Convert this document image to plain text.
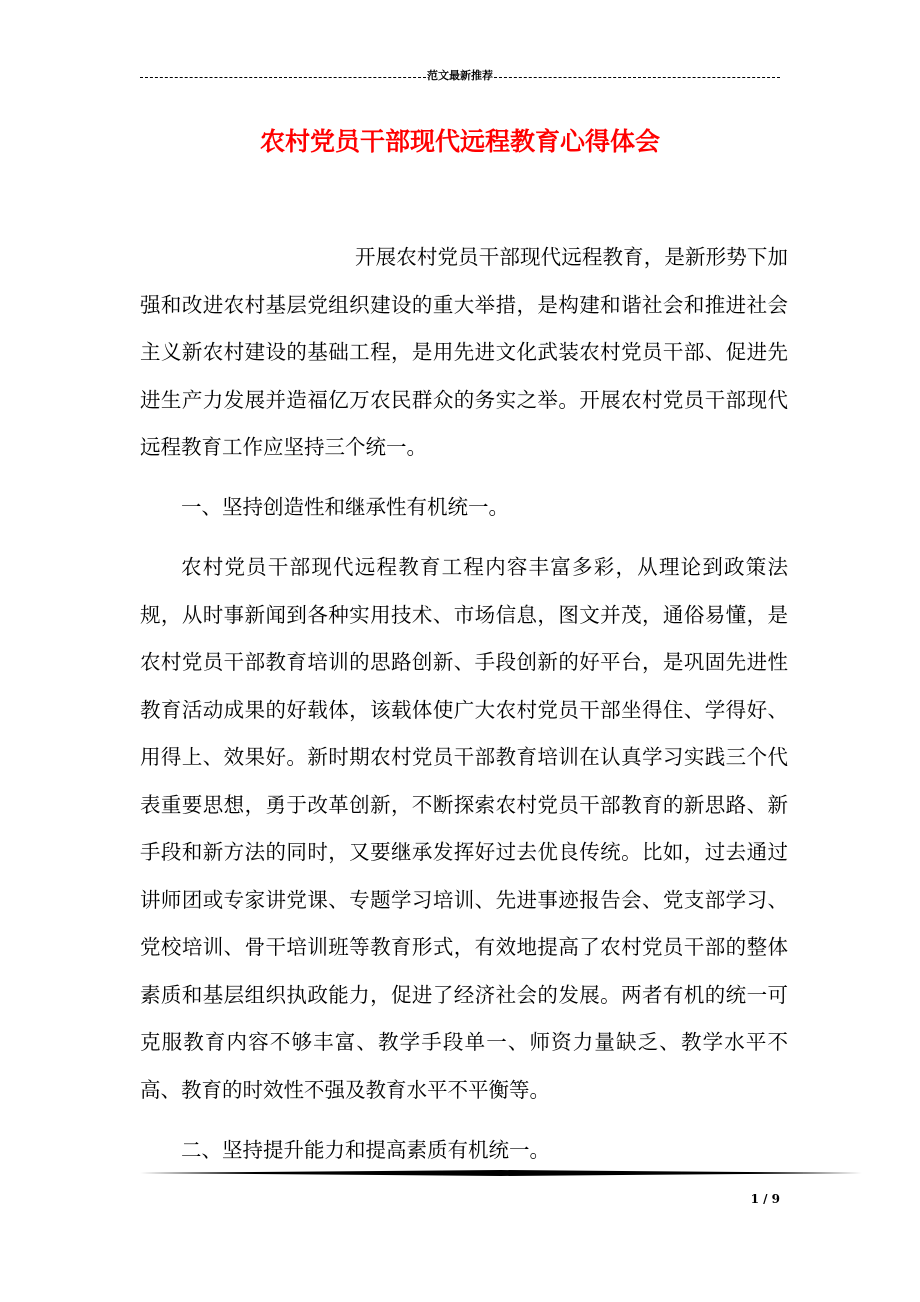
范文最新推荐
农村党员干部现代远程教育心得体会

开展农村党员干部现代远程教育，是新形势下加强和改进农村基层党组织建设的重大举措，是构建和谐社会和推进社会主义新农村建设的基础工程，是用先进文化武装农村党员干部、促进先进生产力发展并造福亿万农民群众的务实之举。开展农村党员干部现代远程教育工作应坚持三个统一。

一、坚持创造性和继承性有机统一。

农村党员干部现代远程教育工程内容丰富多彩，从理论到政策法规，从时事新闻到各种实用技术、市场信息，图文并茂，通俗易懂，是农村党员干部教育培训的思路创新、手段创新的好平台，是巩固先进性教育活动成果的好载体，该载体使广大农村党员干部坐得住、学得好、用得上、效果好。新时期农村党员干部教育培训在认真学习实践三个代表重要思想，勇于改革创新，不断探索农村党员干部教育的新思路、新手段和新方法的同时，又要继承发挥好过去优良传统。比如，过去通过讲师团或专家讲党课、专题学习培训、先进事迹报告会、党支部学习、党校培训、骨干培训班等教育形式，有效地提高了农村党员干部的整体素质和基层组织执政能力，促进了经济社会的发展。两者有机的统一可克服教育内容不够丰富、教学手段单一、师资力量缺乏、教学水平不高、教育的时效性不强及教育水平不平衡等。

二、坚持提升能力和提高素质有机统一。

1 / 9
